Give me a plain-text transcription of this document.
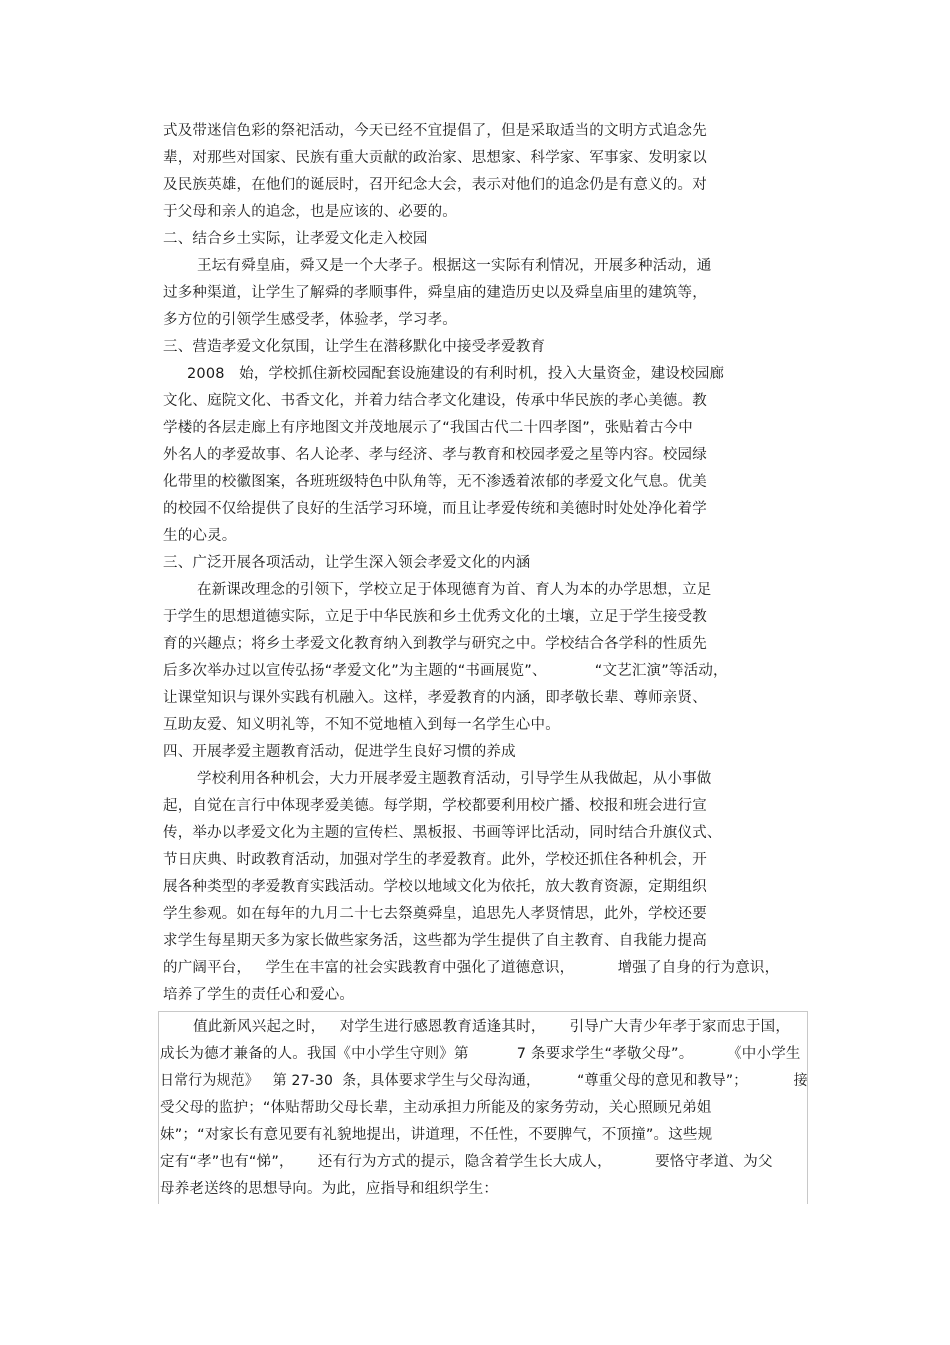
式及带迷信色彩的祭祀活动，今天已经不宜提倡了，但是采取适当的文明方式追念先
辈，对那些对国家、民族有重大贡献的政治家、思想家、科学家、军事家、发明家以
及民族英雄，在他们的诞辰时，召开纪念大会，表示对他们的追念仍是有意义的。对
于父母和亲人的追念，也是应该的、必要的。
二、结合乡土实际，让孝爱文化走入校园
王坛有舜皇庙，舜又是一个大孝子。根据这一实际有利情况，开展多种活动，通
过多种渠道，让学生了解舜的孝顺事件，舜皇庙的建造历史以及舜皇庙里的建筑等，
多方位的引领学生感受孝，体验孝，学习孝。
三、营造孝爱文化氛围，让学生在潜移默化中接受孝爱教育
2008   始，学校抓住新校园配套设施建设的有利时机，投入大量资金，建设校园廊
文化、庭院文化、书香文化，并着力结合孝文化建设，传承中华民族的孝心美德。教
学楼的各层走廊上有序地图文并茂地展示了“我国古代二十四孝图”，张贴着古今中
外名人的孝爱故事、名人论孝、孝与经济、孝与教育和校园孝爱之星等内容。校园绿
化带里的校徽图案，各班班级特色中队角等，无不渗透着浓郁的孝爱文化气息。优美
的校园不仅给提供了良好的生活学习环境，而且让孝爱传统和美德时时处处净化着学
生的心灵。
三、广泛开展各项活动，让学生深入领会孝爱文化的内涵
在新课改理念的引领下，学校立足于体现德育为首、育人为本的办学思想，立足
于学生的思想道德实际，立足于中华民族和乡土优秀文化的土壤，立足于学生接受教
育的兴趣点；将乡土孝爱文化教育纳入到教学与研究之中。学校结合各学科的性质先
后多次举办过以宣传弘扬“孝爱文化”为主题的“书画展览”、          “文艺汇演”等活动，
让课堂知识与课外实践有机融入。这样，孝爱教育的内涵，即孝敬长辈、尊师亲贤、
互助友爱、知义明礼等，不知不觉地植入到每一名学生心中。
四、开展孝爱主题教育活动，促进学生良好习惯的养成
学校利用各种机会，大力开展孝爱主题教育活动，引导学生从我做起，从小事做
起，自觉在言行中体现孝爱美德。每学期，学校都要利用校广播、校报和班会进行宣
传，举办以孝爱文化为主题的宣传栏、黑板报、书画等评比活动，同时结合升旗仪式、
节日庆典、时政教育活动，加强对学生的孝爱教育。此外，学校还抓住各种机会，开
展各种类型的孝爱教育实践活动。学校以地域文化为依托，放大教育资源，定期组织
学生参观。如在每年的九月二十七去祭奠舜皇，追思先人孝贤情思，此外，学校还要
求学生每星期天多为家长做些家务活，这些都为学生提供了自主教育、自我能力提高
的广阔平台，   学生在丰富的社会实践教育中强化了道德意识，         增强了自身的行为意识，
培养了学生的责任心和爱心。
值此新风兴起之时，   对学生进行感恩教育适逢其时，     引导广大青少年孝于家而忠于国，
成长为德才兼备的人。我国《中小学生守则》第          7 条要求学生“孝敬父母”。       《中小学生
日常行为规范》   第 27-30  条，具体要求学生与父母沟通，        “尊重父母的意见和教导”；          接
受父母的监护；“体贴帮助父母长辈，主动承担力所能及的家务劳动，关心照顾兄弟姐
妹”；“对家长有意见要有礼貌地提出，讲道理，不任性，不要脾气，不顶撞”。这些规
定有“孝”也有“悌”，     还有行为方式的提示，隐含着学生长大成人，         要恪守孝道、为父
母养老送终的思想导向。为此，应指导和组织学生：
